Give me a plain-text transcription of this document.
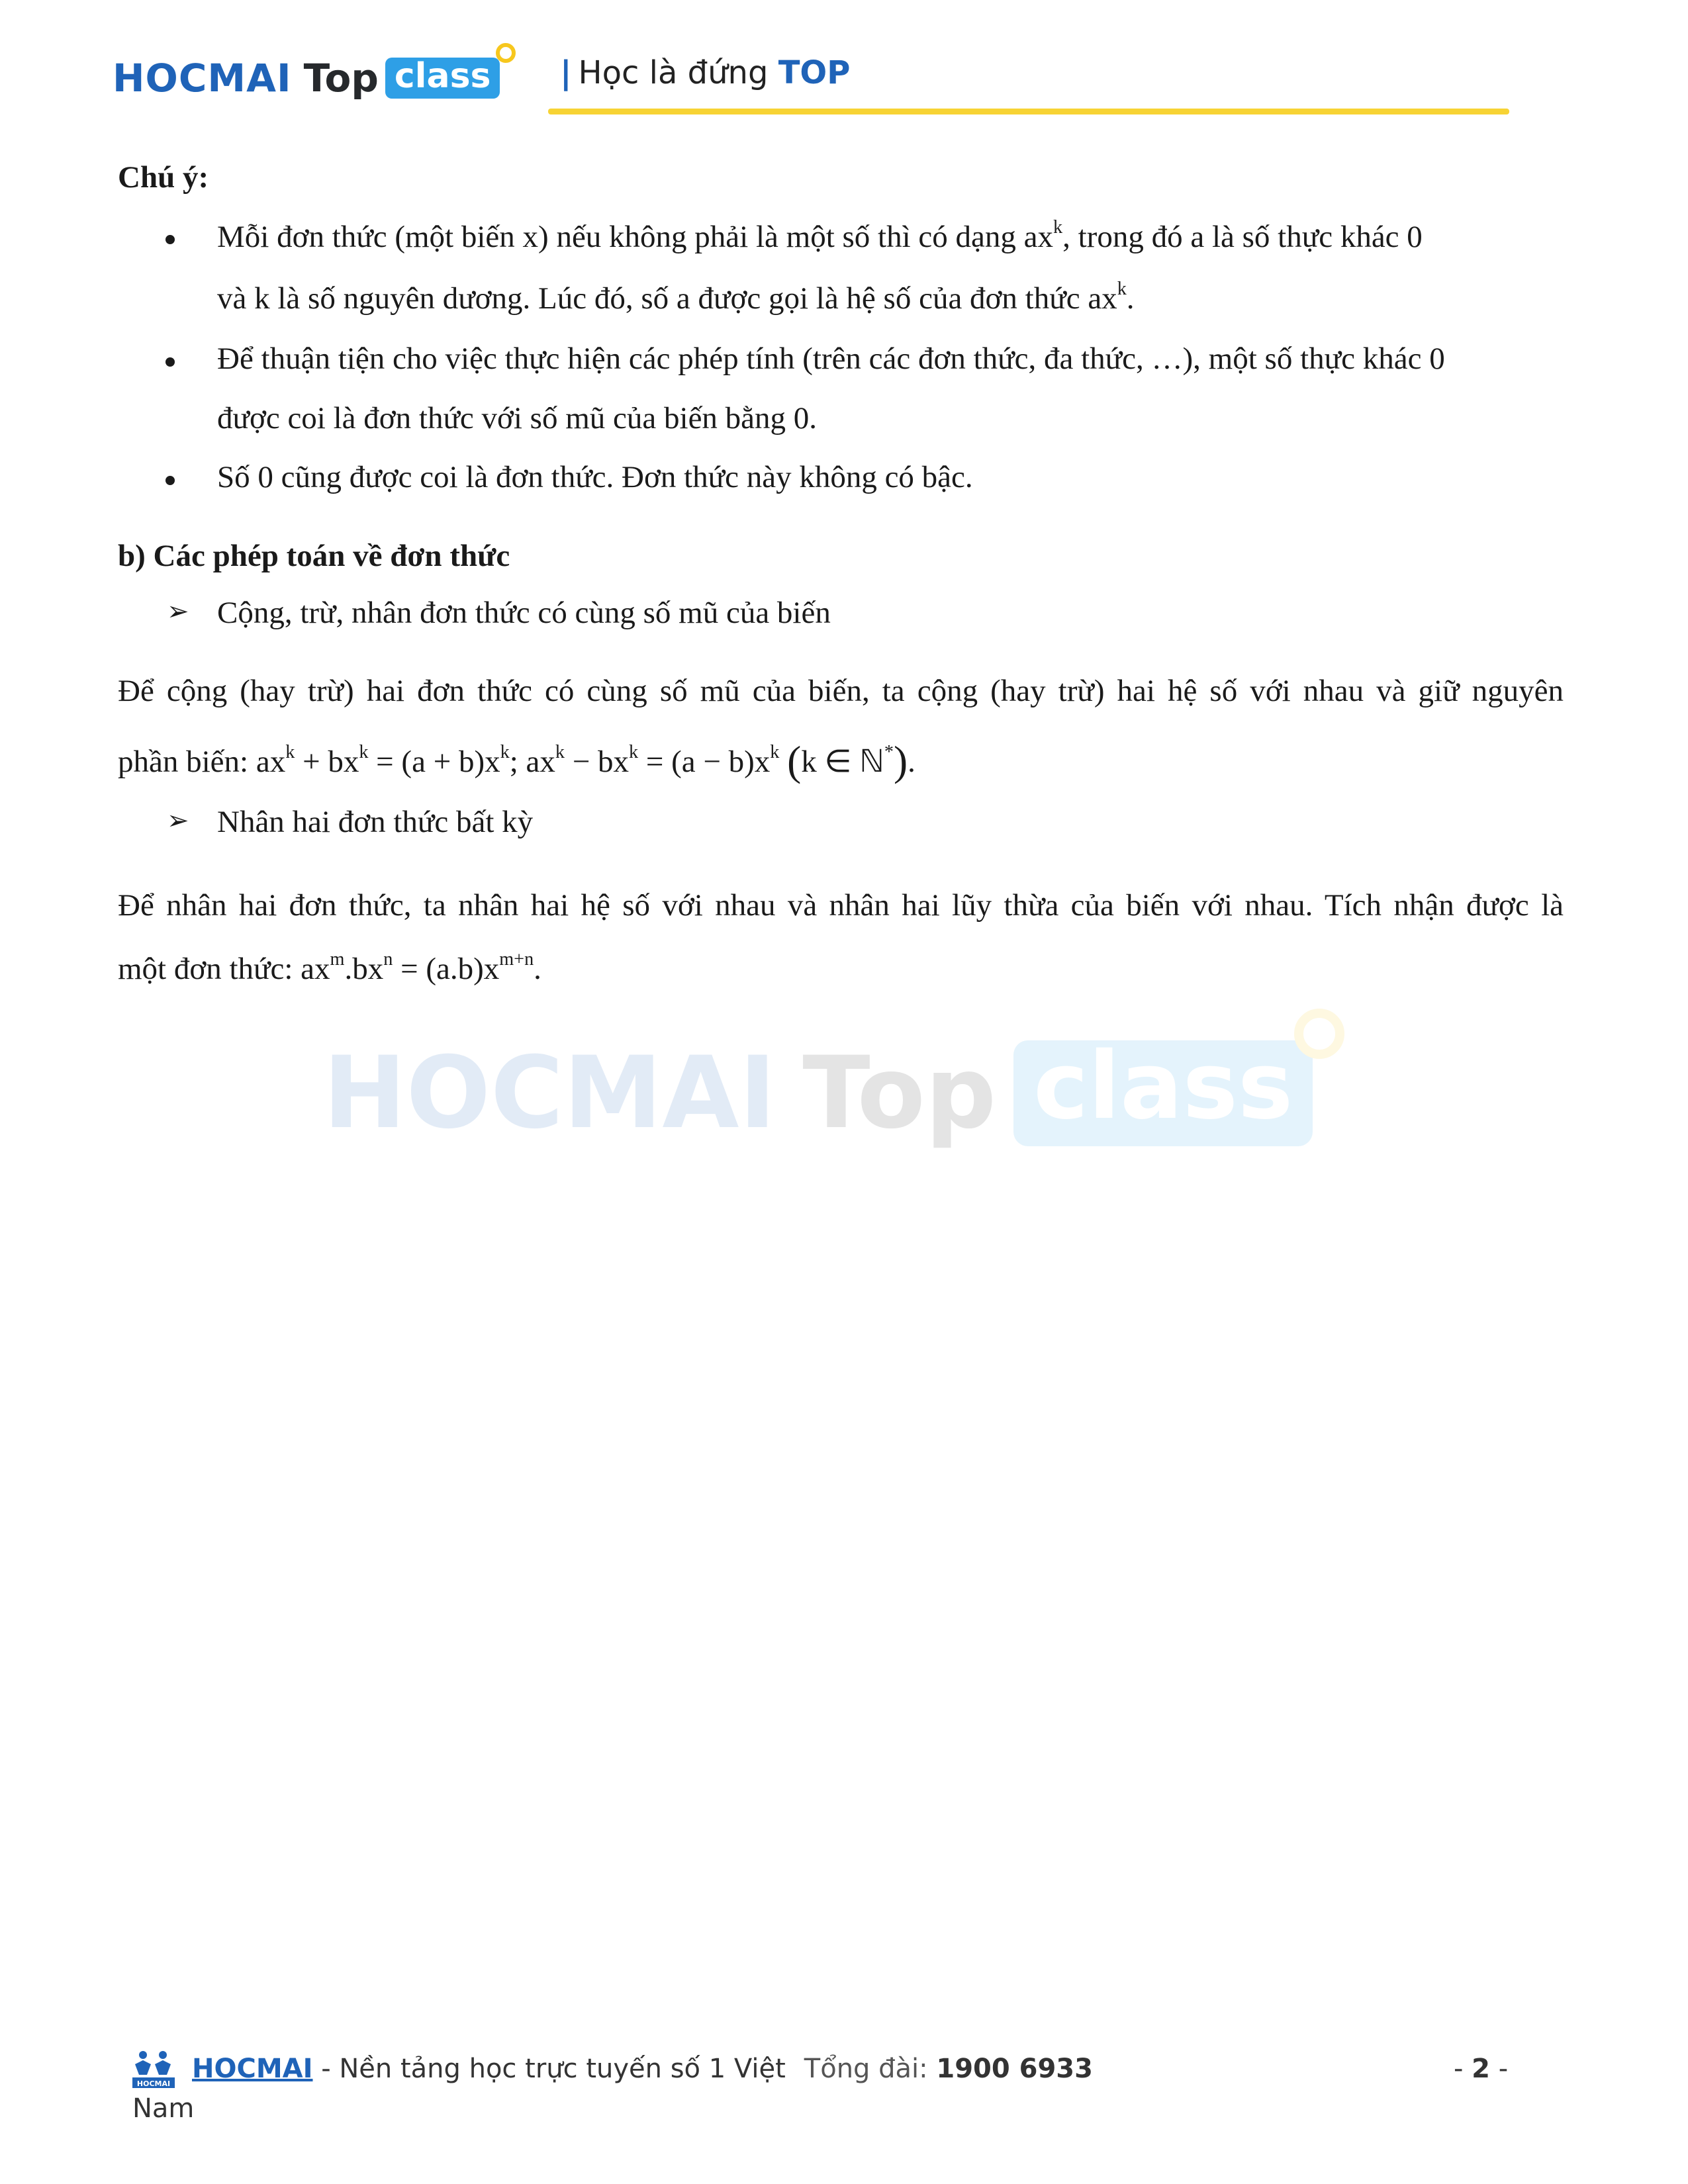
HOCMAI Top class | Học là đứng TOP
HOCMAI Top class
Chú ý:
Mỗi đơn thức (một biến x) nếu không phải là một số thì có dạng $ax^k$, trong đó a là số thực khác 0
và k là số nguyên dương. Lúc đó, số a được gọi là hệ số của đơn thức $ax^k$.
Để thuận tiện cho việc thực hiện các phép tính (trên các đơn thức, đa thức, …), một số thực khác 0
được coi là đơn thức với số mũ của biến bằng 0.
Số 0 cũng được coi là đơn thức. Đơn thức này không có bậc.
b) Các phép toán về đơn thức
➢ Cộng, trừ, nhân đơn thức có cùng số mũ của biến
Để cộng (hay trừ) hai đơn thức có cùng số mũ của biến, ta cộng (hay trừ) hai hệ số với nhau và giữ nguyên
phần biến: $ax^k + bx^k = (a + b)x^k$; $ax^k - bx^k = (a - b)x^k$ (k ∈ ℕ*).
➢ Nhân hai đơn thức bất kỳ
Để nhân hai đơn thức, ta nhân hai hệ số với nhau và nhân hai lũy thừa của biến với nhau. Tích nhận được là
một đơn thức: $ax^m.bx^n = (a.b)x^{m+n}$.
HOCMAI HOCMAI - Nền tảng học trực tuyến số 1 Việt Tổng đài: 1900 6933	- 2 -
Nam
